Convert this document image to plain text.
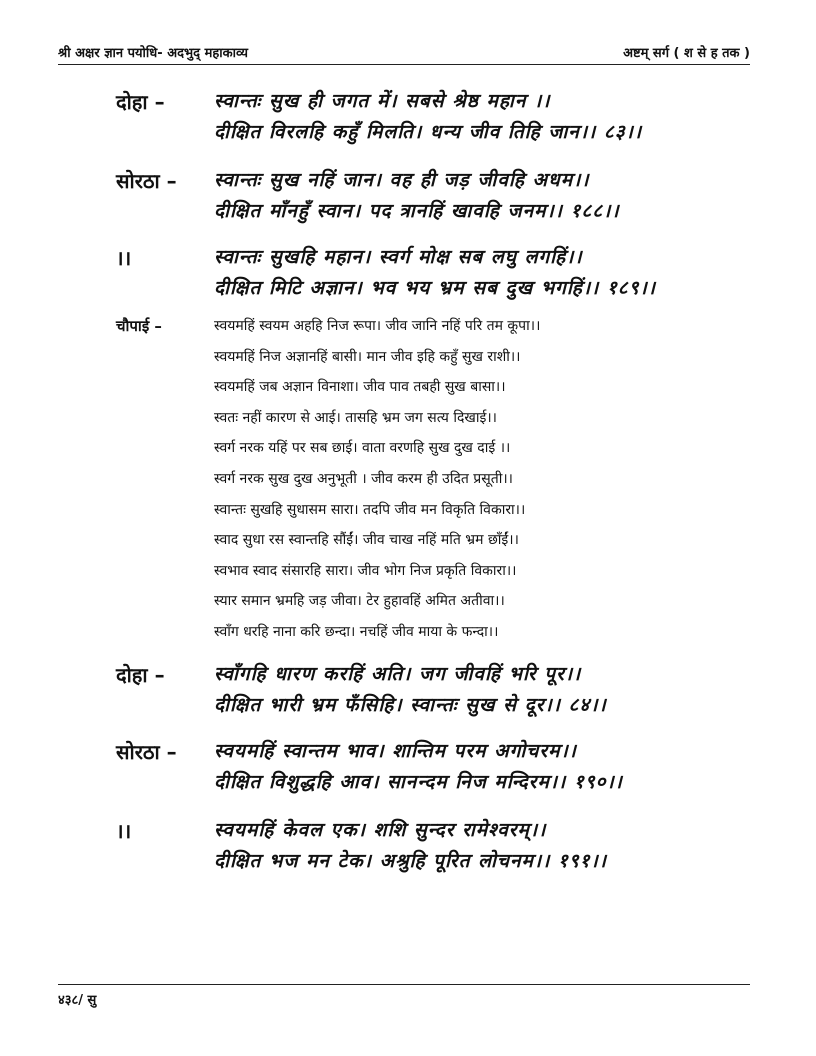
श्री अक्षर ज्ञान पयोधि- अदभुद् महाकाव्य	अष्टम् सर्ग ( श से ह तक )
दोहा –	स्वान्तः सुख ही जगत में। सबसे श्रेष्ठ महान ।।

दीक्षित विरलहि कहुँ मिलति। धन्य जीव तिहि जान।। ८३।।

सोरठा – स्वान्तः सुख नहिं जान। वह ही जड़ जीवहि अधम।।

दीक्षित माँनहुँ स्वान। पद त्रानहिं खावहि जनम।। १८८।।

।।	स्वान्तः सुखहि महान। स्वर्ग मोक्ष सब लघु लगहिं।।

दीक्षित मिटि अज्ञान। भव भय भ्रम सब दुख भगहिं।। १८९।।

चौपाई –	स्वयमहिं स्वयम अहहि निज रूपा। जीव जानि नहिं परि तम कूपा।।

स्वयमहिं निज अज्ञानहिं बासी। मान जीव इहि कहुँ सुख राशी।।

स्वयमहिं जब अज्ञान विनाशा। जीव पाव तबही सुख बासा।।

स्वतः नहीं कारण से आई। तासहि भ्रम जग सत्य दिखाई।।

स्वर्ग नरक यहिं पर सब छाई। वाता वरणहि सुख दुख दाई ।।

स्वर्ग नरक सुख दुख अनुभूती । जीव करम ही उदित प्रसूती।।

स्वान्तः सुखहि सुधासम सारा। तदपि जीव मन विकृति विकारा।।

स्वाद सुधा रस स्वान्तहि सौंईं। जीव चाख नहिं मति भ्रम छाँईं।।

स्वभाव स्वाद संसारहि सारा। जीव भोग निज प्रकृति विकारा।।

स्यार समान भ्रमहि जड़ जीवा। टेर हुहावहिं अमित अतीवा।।

स्वाँग धरहि नाना करि छन्दा। नचहिं जीव माया के फन्दा।।

दोहा –	स्वाँगहि धारण करहिं अति। जग जीवहिं भरि पूर।।

दीक्षित भारी भ्रम फँसिहि। स्वान्तः सुख से दूर।। ८४।।

सोरठा – स्वयमहिं स्वान्तम भाव। शान्तिम परम अगोचरम।।

दीक्षित विशुद्धहि आव। सानन्दम निज मन्दिरम।। १९०।।

।।	स्वयमहिं केवल एक। शशि सुन्दर रामेश्वरम्।।

दीक्षित भज मन टेक। अश्रुहि पूरित लोचनम।। १९१।।

४३८/ सु
